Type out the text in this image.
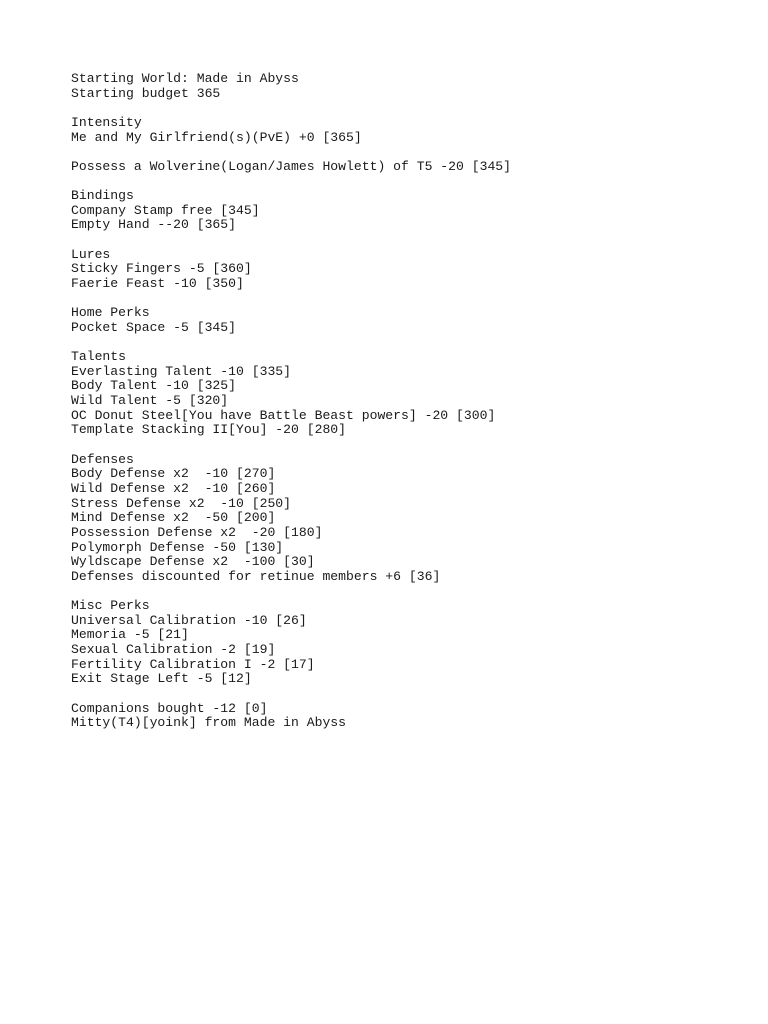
Starting World: Made in Abyss
Starting budget 365
Intensity
Me and My Girlfriend(s)(PvE) +0 [365]
Possess a Wolverine(Logan/James Howlett) of T5 -20 [345]
Bindings
Company Stamp free [345]
Empty Hand --20 [365]
Lures
Sticky Fingers -5 [360]
Faerie Feast -10 [350]
Home Perks
Pocket Space -5 [345]
Talents
Everlasting Talent -10 [335]
Body Talent -10 [325]
Wild Talent -5 [320]
OC Donut Steel[You have Battle Beast powers] -20 [300]
Template Stacking II[You] -20 [280]
Defenses
Body Defense x2  -10 [270]
Wild Defense x2  -10 [260]
Stress Defense x2  -10 [250]
Mind Defense x2  -50 [200]
Possession Defense x2  -20 [180]
Polymorph Defense -50 [130]
Wyldscape Defense x2  -100 [30]
Defenses discounted for retinue members +6 [36]
Misc Perks
Universal Calibration -10 [26]
Memoria -5 [21]
Sexual Calibration -2 [19]
Fertility Calibration I -2 [17]
Exit Stage Left -5 [12]
Companions bought -12 [0]
Mitty(T4)[yoink] from Made in Abyss
